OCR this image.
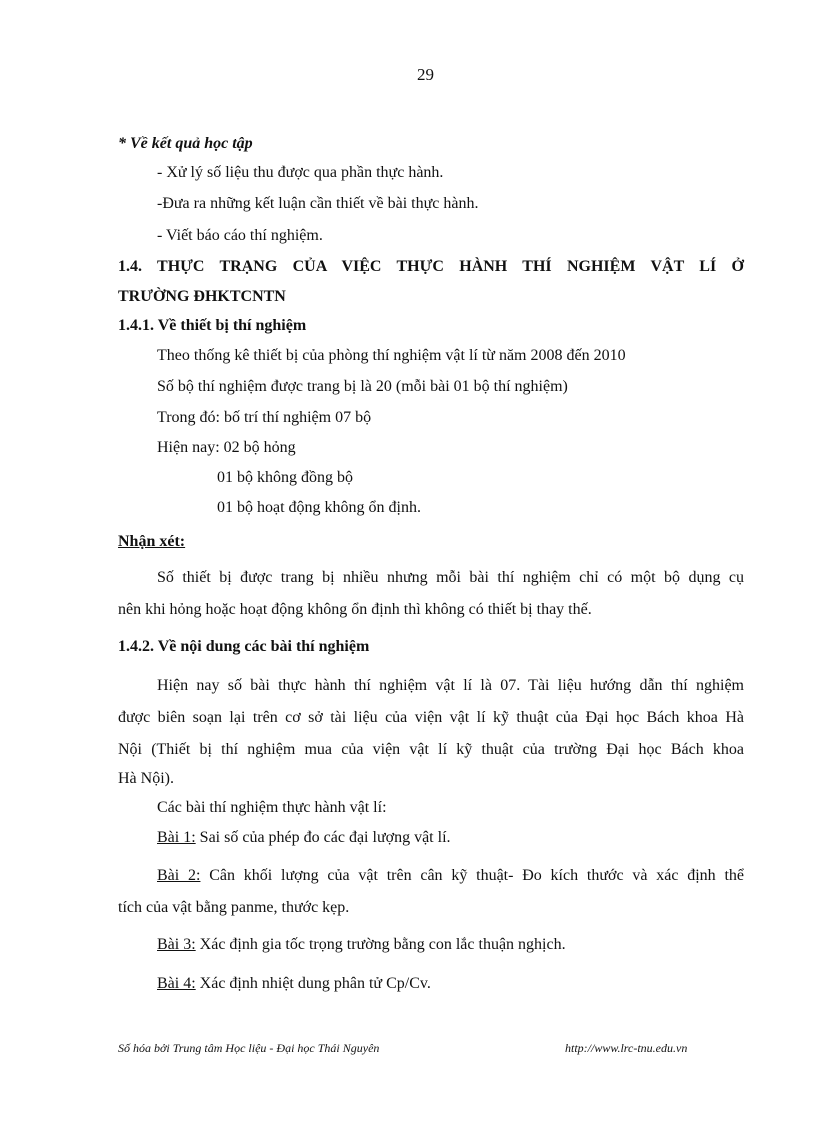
29
* Về kết quả học tập
- Xử lý số liệu thu được qua phần thực hành.
-Đưa ra những kết luận cần thiết về bài thực hành.
- Viết báo cáo thí nghiệm.
1.4. THỰC TRẠNG CỦA VIỆC THỰC HÀNH THÍ NGHIỆM VẬT LÍ Ở
TRƯỜNG ĐHKTCNTN
1.4.1. Về thiết bị thí nghiệm
Theo thống kê thiết bị của phòng thí nghiệm vật lí từ năm 2008 đến 2010
Số bộ thí nghiệm được trang bị là 20 (mỗi bài 01 bộ thí nghiệm)
Trong đó: bố trí thí nghiệm 07 bộ
Hiện nay: 02 bộ hỏng
01 bộ không đồng bộ
01 bộ hoạt động không ổn định.
Nhận xét:
Số thiết bị được trang bị nhiều nhưng mỗi bài thí nghiệm chỉ có một bộ dụng cụ
nên khi hỏng hoặc hoạt động không ổn định thì không có thiết bị thay thế.
1.4.2. Về nội dung các bài thí nghiệm
Hiện nay số bài thực hành thí nghiệm vật lí là 07. Tài liệu hướng dẫn thí nghiệm
được biên soạn lại trên cơ sở tài liệu của viện vật lí kỹ thuật của Đại học Bách khoa Hà
Nội (Thiết bị thí nghiệm mua của viện vật lí kỹ thuật của trường Đại học Bách khoa
Hà Nội).
Các bài thí nghiệm thực hành vật lí:
Bài 1: Sai số của phép đo các đại lượng vật lí.
Bài 2: Cân khối lượng của vật trên cân kỹ thuật- Đo kích thước và xác định thể
tích của vật bằng panme, thước kẹp.
Bài 3: Xác định gia tốc trọng trường bằng con lắc thuận nghịch.
Bài 4: Xác định nhiệt dung phân tử Cp/Cv.
Số hóa bởi Trung tâm Học liệu - Đại học Thái Nguyên	http://www.lrc-tnu.edu.vn
